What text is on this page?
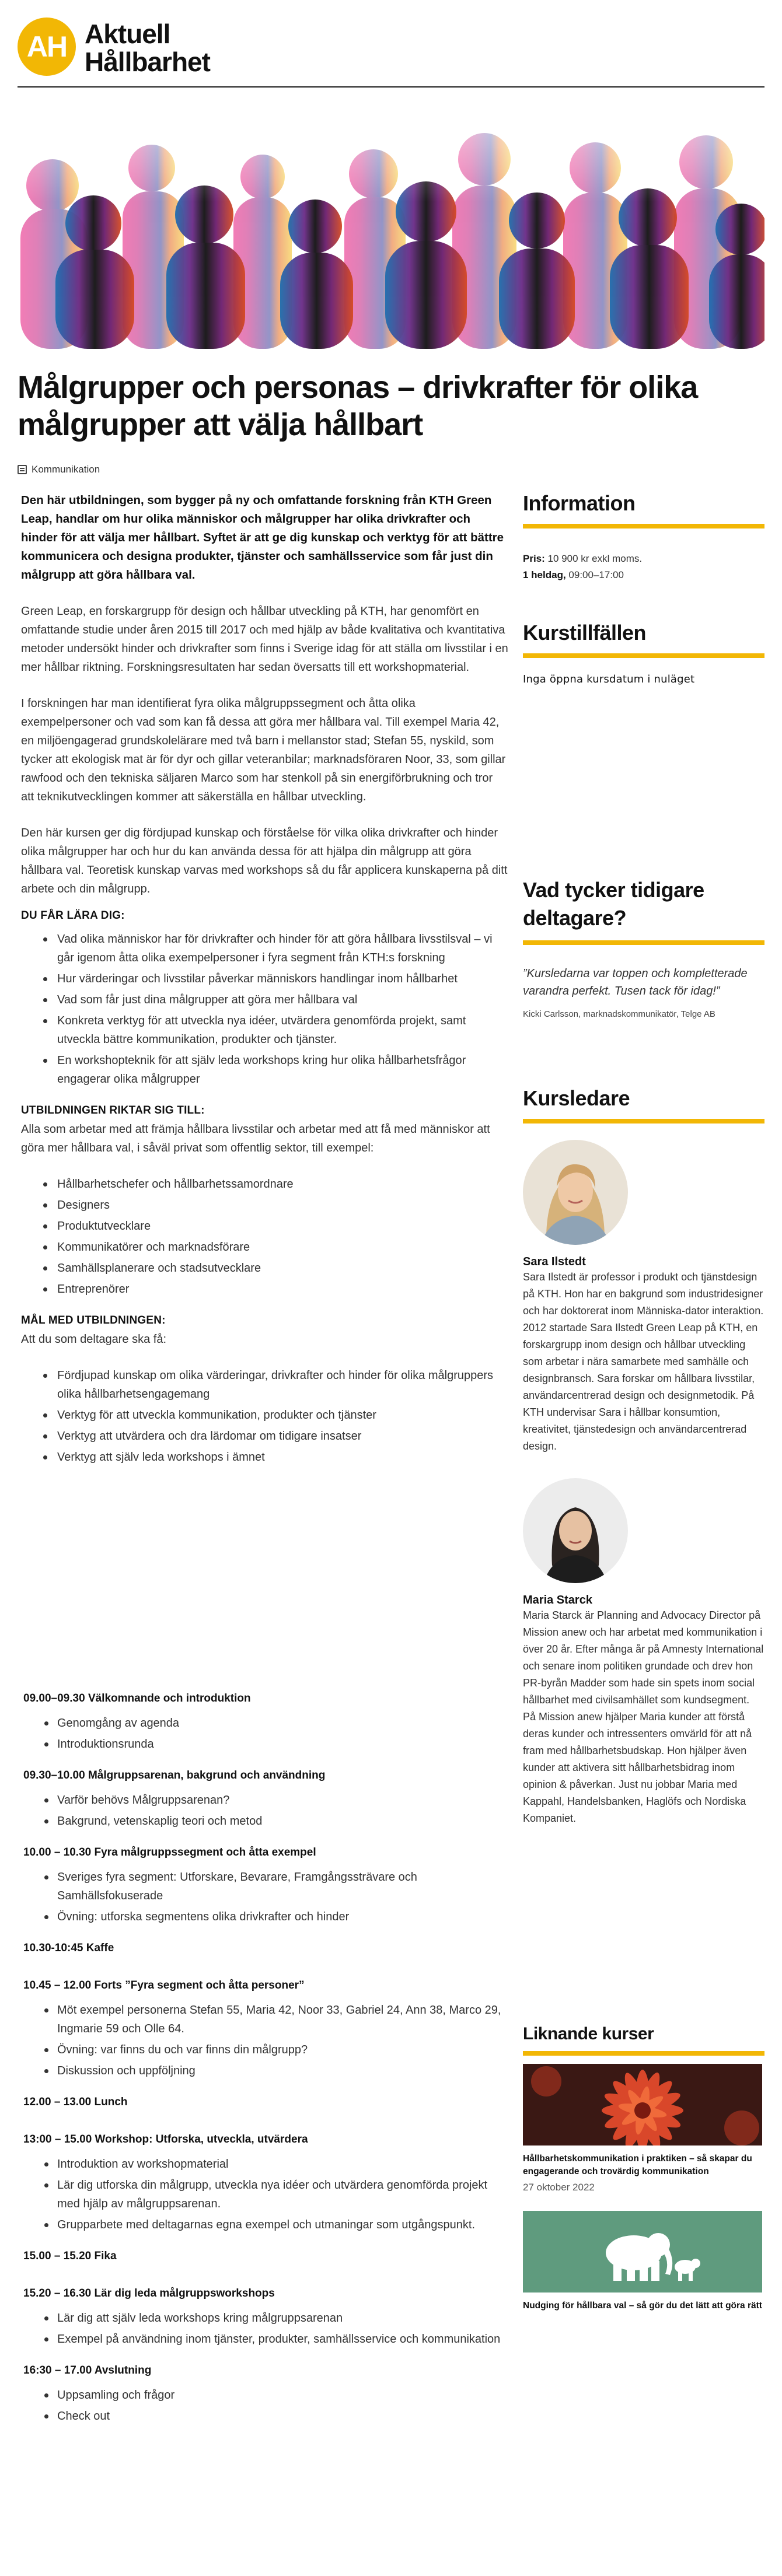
AH Aktuell
Hållbarhet
Målgrupper och personas – drivkrafter för olika målgrupper att välja hållbart
Kommunikation

Den här utbildningen, som bygger på ny och omfattande forskning från KTH Green Leap, handlar om hur olika människor och målgrupper har olika drivkrafter och hinder för att välja mer hållbart. Syftet är att ge dig kunskap och verktyg för att bättre kommunicera och designa produkter, tjänster och samhällsservice som får just din målgrupp att göra hållbara val.

Green Leap, en forskargrupp för design och hållbar utveckling på KTH, har genomfört en omfattande studie under åren 2015 till 2017 och med hjälp av både kvalitativa och kvantitativa metoder undersökt hinder och drivkrafter som finns i Sverige idag för att ställa om livsstilar i en mer hållbar riktning. Forskningsresultaten har sedan översatts till ett workshopmaterial.

I forskningen har man identifierat fyra olika målgruppssegment och åtta olika exempelpersoner och vad som kan få dessa att göra mer hållbara val. Till exempel Maria 42, en miljöengagerad grundskolelärare med två barn i mellanstor stad; Stefan 55, nyskild, som tycker att ekologisk mat är för dyr och gillar veteranbilar; marknadsföraren Noor, 33, som gillar rawfood och den tekniska säljaren Marco som har stenkoll på sin energiförbrukning och tror att teknikutvecklingen kommer att säkerställa en hållbar utveckling.

Den här kursen ger dig fördjupad kunskap och förståelse för vilka olika drivkrafter och hinder olika målgrupper har och hur du kan använda dessa för att hjälpa din målgrupp att göra hållbara val. Teoretisk kunskap varvas med workshops så du får applicera kunskaperna på ditt arbete och din målgrupp.

DU FÅR LÄRA DIG:
Vad olika människor har för drivkrafter och hinder för att göra hållbara livsstilsval – vi går igenom åtta olika exempelpersoner i fyra segment från KTH:s forskning
Hur värderingar och livsstilar påverkar människors handlingar inom hållbarhet
Vad som får just dina målgrupper att göra mer hållbara val
Konkreta verktyg för att utveckla nya idéer, utvärdera genomförda projekt, samt utveckla bättre kommunikation, produkter och tjänster.
En workshopteknik för att själv leda workshops kring hur olika hållbarhetsfrågor engagerar olika målgrupper
UTBILDNINGEN RIKTAR SIG TILL:

Alla som arbetar med att främja hållbara livsstilar och arbetar med att få med människor att göra mer hållbara val, i såväl privat som offentlig sektor, till exempel:

Hållbarhetschefer och hållbarhetssamordnare
Designers
Produktutvecklare
Kommunikatörer och marknadsförare
Samhällsplanerare och stadsutvecklare
Entreprenörer
MÅL MED UTBILDNINGEN:

Att du som deltagare ska få:

Fördjupad kunskap om olika värderingar, drivkrafter och hinder för olika målgruppers olika hållbarhetsengagemang
Verktyg för att utveckla kommunikation, produkter och tjänster
Verktyg att utvärdera och dra lärdomar om tidigare insatser
Verktyg att själv leda workshops i ämnet
09.00–09.30 Välkomnande och introduktion
Genomgång av agenda
Introduktionsrunda
09.30–10.00 Målgruppsarenan, bakgrund och användning
Varför behövs Målgruppsarenan?
Bakgrund, vetenskaplig teori och metod
10.00 – 10.30 Fyra målgruppssegment och åtta exempel
Sveriges fyra segment: Utforskare, Bevarare, Framgångssträvare och Samhällsfokuserade
Övning: utforska segmentens olika drivkrafter och hinder
10.30-10:45 Kaffe
10.45 – 12.00 Forts ”Fyra segment och åtta personer”
Möt exempel personerna Stefan 55, Maria 42, Noor 33, Gabriel 24, Ann 38, Marco 29, Ingmarie 59 och Olle 64.
Övning: var finns du och var finns din målgrupp?
Diskussion och uppföljning
12.00 – 13.00 Lunch
13:00 – 15.00 Workshop: Utforska, utveckla, utvärdera
Introduktion av workshopmaterial
Lär dig utforska din målgrupp, utveckla nya idéer och utvärdera genomförda projekt med hjälp av målgruppsarenan.
Grupparbete med deltagarnas egna exempel och utmaningar som utgångspunkt.
15.00 – 15.20 Fika
15.20 – 16.30 Lär dig leda målgruppsworkshops
Lär dig att själv leda workshops kring målgruppsarenan
Exempel på användning inom tjänster, produkter, samhällsservice och kommunikation
16:30 – 17.00 Avslutning
Uppsamling och frågor
Check out
Information
Pris: 10 900 kr exkl moms.
1 heldag, 09:00–17:00
Kurstillfällen
Inga öppna kursdatum i nuläget
Vad tycker tidigare deltagare?
”Kursledarna var toppen och kompletterade varandra perfekt. Tusen tack för idag!”
Kicki Carlsson, marknadskommunikatör, Telge AB
Kursledare
Sara Ilstedt
Sara Ilstedt är professor i produkt och tjänstdesign på KTH. Hon har en bakgrund som industridesigner och har doktorerat inom Människa-dator interaktion. 2012 startade Sara Ilstedt Green Leap på KTH, en forskargrupp inom design och hållbar utveckling som arbetar i nära samarbete med samhälle och designbransch. Sara forskar om hållbara livsstilar, användarcentrerad design och designmetodik. På KTH undervisar Sara i hållbar konsumtion, kreativitet, tjänstedesign och användarcentrerad design.
Maria Starck
Maria Starck är Planning and Advocacy Director på Mission anew och har arbetat med kommunikation i över 20 år. Efter många år på Amnesty International och senare inom politiken grundade och drev hon PR-byrån Madder som hade sin spets inom social hållbarhet med civilsamhället som kundsegment. På Mission anew hjälper Maria kunder att förstå deras kunder och intressenters omvärld för att nå fram med hållbarhetsbudskap. Hon hjälper även kunder att aktivera sitt hållbarhetsbidrag inom opinion & påverkan. Just nu jobbar Maria med Kappahl, Handelsbanken, Haglöfs och Nordiska Kompaniet.
Liknande kurser
Hållbarhetskommunikation i praktiken – så skapar du engagerande och trovärdig kommunikation
27 oktober 2022
Nudging för hållbara val – så gör du det lätt att göra rätt
